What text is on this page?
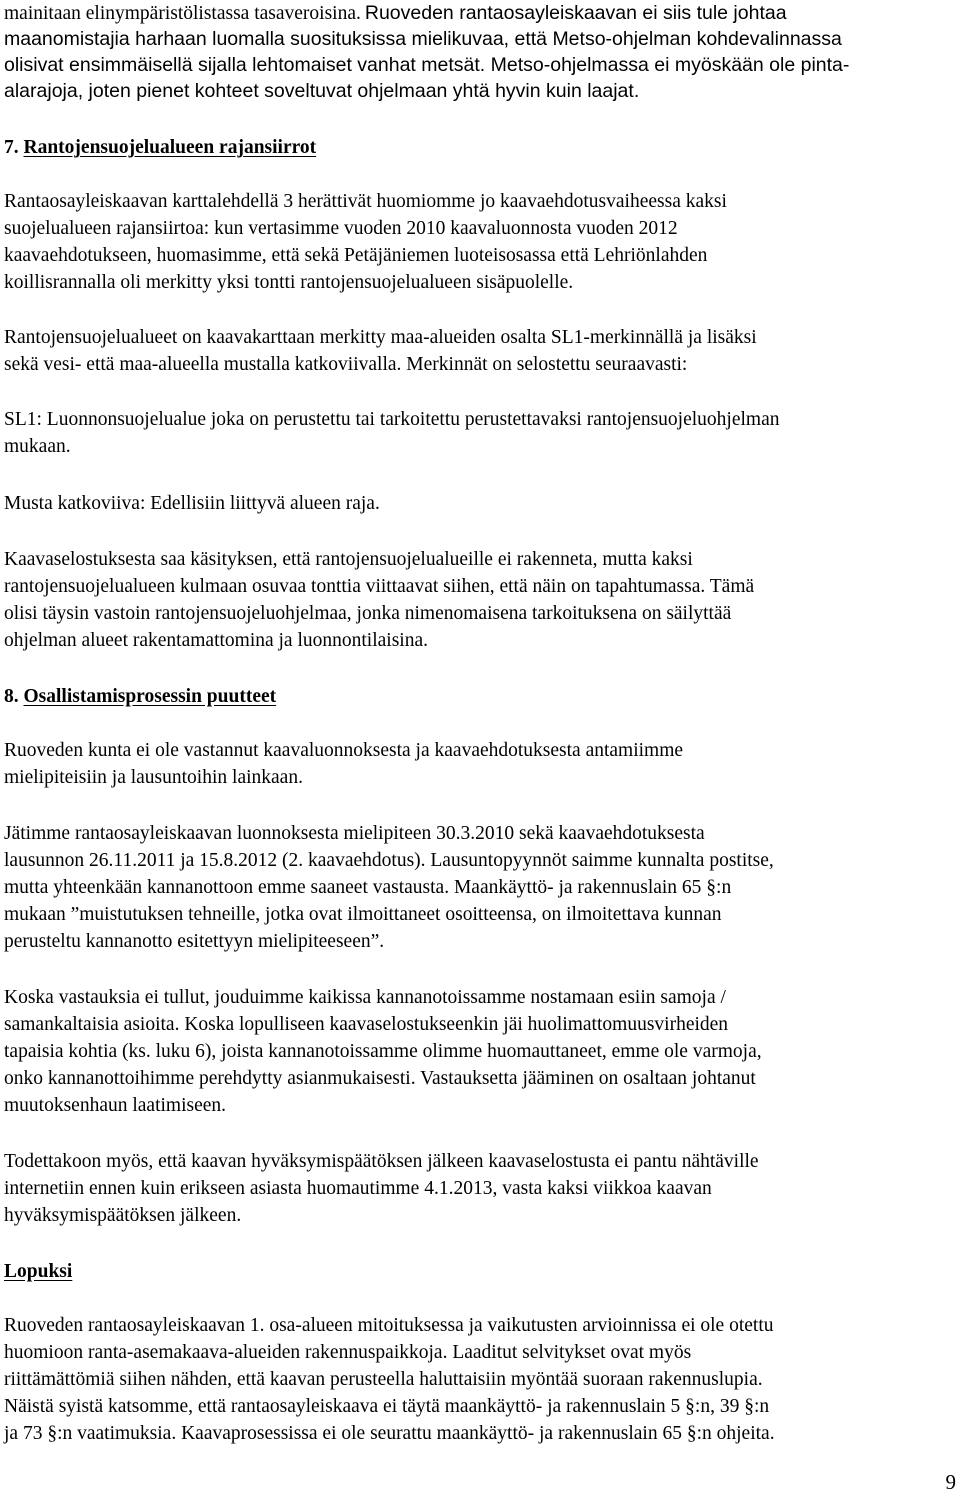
mainitaan elinympäristölistassa tasaveroisina. Ruoveden rantaosayleiskaavan ei siis tule johtaa
maanomistajia harhaan luomalla suosituksissa mielikuvaa, että Metso-ohjelman kohdevalinnassa
olisivat ensimmäisellä sijalla lehtomaiset vanhat metsät. Metso-ohjelmassa ei myöskään ole pinta-
alarajoja, joten pienet kohteet soveltuvat ohjelmaan yhtä hyvin kuin laajat.
7. Rantojensuojelualueen rajansiirrot
Rantaosayleiskaavan karttalehdellä 3 herättivät huomiomme jo kaavaehdotusvaiheessa kaksi
suojelualueen rajansiirtoa: kun vertasimme vuoden 2010 kaavaluonnosta vuoden 2012
kaavaehdotukseen, huomasimme, että sekä Petäjäniemen luoteisosassa että Lehriönlahden
koillisrannalla oli merkitty yksi tontti rantojensuojelualueen sisäpuolelle.
Rantojensuojelualueet on kaavakarttaan merkitty maa-alueiden osalta SL1-merkinnällä ja lisäksi
sekä vesi- että maa-alueella mustalla katkoviivalla. Merkinnät on selostettu seuraavasti:
SL1: Luonnonsuojelualue joka on perustettu tai tarkoitettu perustettavaksi rantojensuojeluohjelman
mukaan.
Musta katkoviiva: Edellisiin liittyvä alueen raja.
Kaavaselostuksesta saa käsityksen, että rantojensuojelualueille ei rakenneta, mutta kaksi
rantojensuojelualueen kulmaan osuvaa tonttia viittaavat siihen, että näin on tapahtumassa. Tämä
olisi täysin vastoin rantojensuojeluohjelmaa, jonka nimenomaisena tarkoituksena on säilyttää
ohjelman alueet rakentamattomina ja luonnontilaisina.
8. Osallistamisprosessin puutteet
Ruoveden kunta ei ole vastannut kaavaluonnoksesta ja kaavaehdotuksesta antamiimme
mielipiteisiin ja lausuntoihin lainkaan.
Jätimme rantaosayleiskaavan luonnoksesta mielipiteen 30.3.2010 sekä kaavaehdotuksesta
lausunnon 26.11.2011 ja 15.8.2012 (2. kaavaehdotus). Lausuntopyynnöt saimme kunnalta postitse,
mutta yhteenkään kannanottoon emme saaneet vastausta. Maankäyttö- ja rakennuslain 65 §:n
mukaan ”muistutuksen tehneille, jotka ovat ilmoittaneet osoitteensa, on ilmoitettava kunnan
perusteltu kannanotto esitettyyn mielipiteeseen”.
Koska vastauksia ei tullut, jouduimme kaikissa kannanotoissamme nostamaan esiin samoja /
samankaltaisia asioita. Koska lopulliseen kaavaselostukseenkin jäi huolimattomuusvirheiden
tapaisia kohtia (ks. luku 6), joista kannanotoissamme olimme huomauttaneet, emme ole varmoja,
onko kannanottoihimme perehdytty asianmukaisesti. Vastauksetta jääminen on osaltaan johtanut
muutoksenhaun laatimiseen.
Todettakoon myös, että kaavan hyväksymispäätöksen jälkeen kaavaselostusta ei pantu nähtäville
internetiin ennen kuin erikseen asiasta huomautimme 4.1.2013, vasta kaksi viikkoa kaavan
hyväksymispäätöksen jälkeen.
Lopuksi
Ruoveden rantaosayleiskaavan 1. osa-alueen mitoituksessa ja vaikutusten arvioinnissa ei ole otettu
huomioon ranta-asemakaava-alueiden rakennuspaikkoja. Laaditut selvitykset ovat myös
riittämättömiä siihen nähden, että kaavan perusteella haluttaisiin myöntää suoraan rakennuslupia.
Näistä syistä katsomme, että rantaosayleiskaava ei täytä maankäyttö- ja rakennuslain 5 §:n, 39 §:n
ja 73 §:n vaatimuksia. Kaavaprosessissa ei ole seurattu maankäyttö- ja rakennuslain 65 §:n ohjeita.
9
